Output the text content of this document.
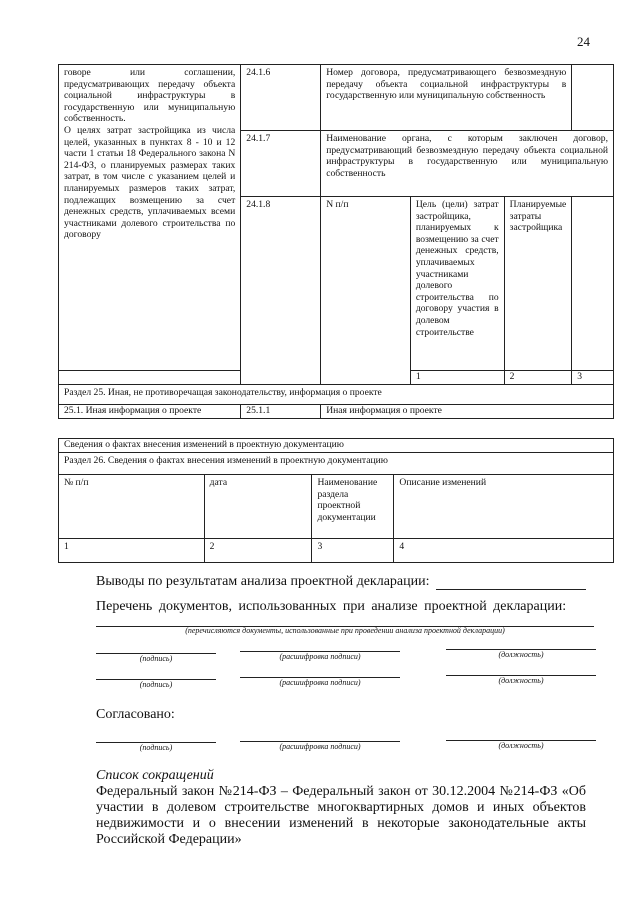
24
говоре или соглашении, предусматривающих передачу объекта социальной инфраструктуры в государственную или муниципальную собственность.
О целях затрат застройщика из числа целей, указанных в пунктах 8 - 10 и 12 части 1 статьи 18 Федерального закона N 214-ФЗ, о планируемых размерах таких затрат, в том числе с указанием целей и планируемых размеров таких затрат, подлежащих возмещению за счет денежных средств, уплачиваемых всеми участниками долевого строительства по договору	24.1.6	Номер договора, предусматривающего безвозмездную передачу объекта социальной инфраструктуры в государственную или муниципальную собственность			
	24.1.7	Наименование органа, с которым заключен договор, предусматривающий безвозмездную передачу объекта социальной инфраструктуры в государственную или муниципальную собственность			
	24.1.8	N п/п	Цель (цели) затрат застройщика, планируемых к возмещению за счет денежных средств, уплачиваемых участниками долевого строительства по договору участия в долевом строительстве	Планируемые затраты застройщика	
			1	2	3
Раздел 25. Иная, не противоречащая законодательству, информация о проекте					
25.1. Иная информация о проекте	25.1.1	Иная информация о проекте			
Сведения о фактах внесения изменений в проектную документацию			
Раздел 26. Сведения о фактах внесения изменений в проектную документацию			
№ п/п	дата	Наименование раздела проектной документации	Описание изменений
1	2	3	4
Выводы по результатам анализа проектной декларации:
Перечень документов, использованных при анализе проектной декларации:
(перечисляются документы, использованные при проведении анализа проектной декларации)
(подпись)	(расшифровка подписи)	(должность)
(подпись)	(расшифровка подписи)	(должность)
Согласовано:
(подпись)	(расшифровка подписи)	(должность)
Список сокращений
Федеральный закон №214-ФЗ – Федеральный закон от 30.12.2004 №214-ФЗ «Об участии в долевом строительстве многоквартирных домов и иных объектов недвижимости и о внесении изменений в некоторые законодательные акты Российской Федерации»
